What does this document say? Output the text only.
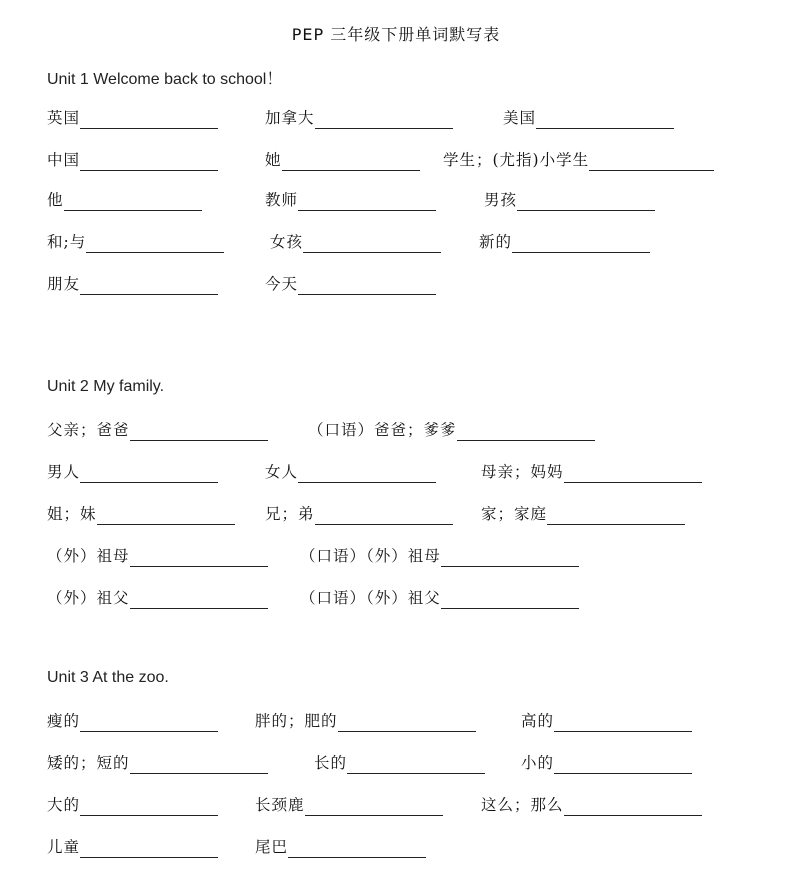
PEP 三年级下册单词默写表
Unit 1 Welcome back to school！
英国	加拿大	美国
中国	她	学生；(尤指)小学生
他	教师	男孩
和;与	女孩	新的
朋友	今天
Unit 2 My family.
父亲；爸爸	（口语）爸爸；爹爹
男人	女人	母亲；妈妈
姐；妹	兄；弟	家；家庭
（外）祖母	（口语）（外）祖母
（外）祖父	（口语）（外）祖父
Unit 3 At the zoo.
瘦的	胖的；肥的	高的
矮的；短的	长的	小的
大的	长颈鹿	这么；那么
儿童	尾巴
